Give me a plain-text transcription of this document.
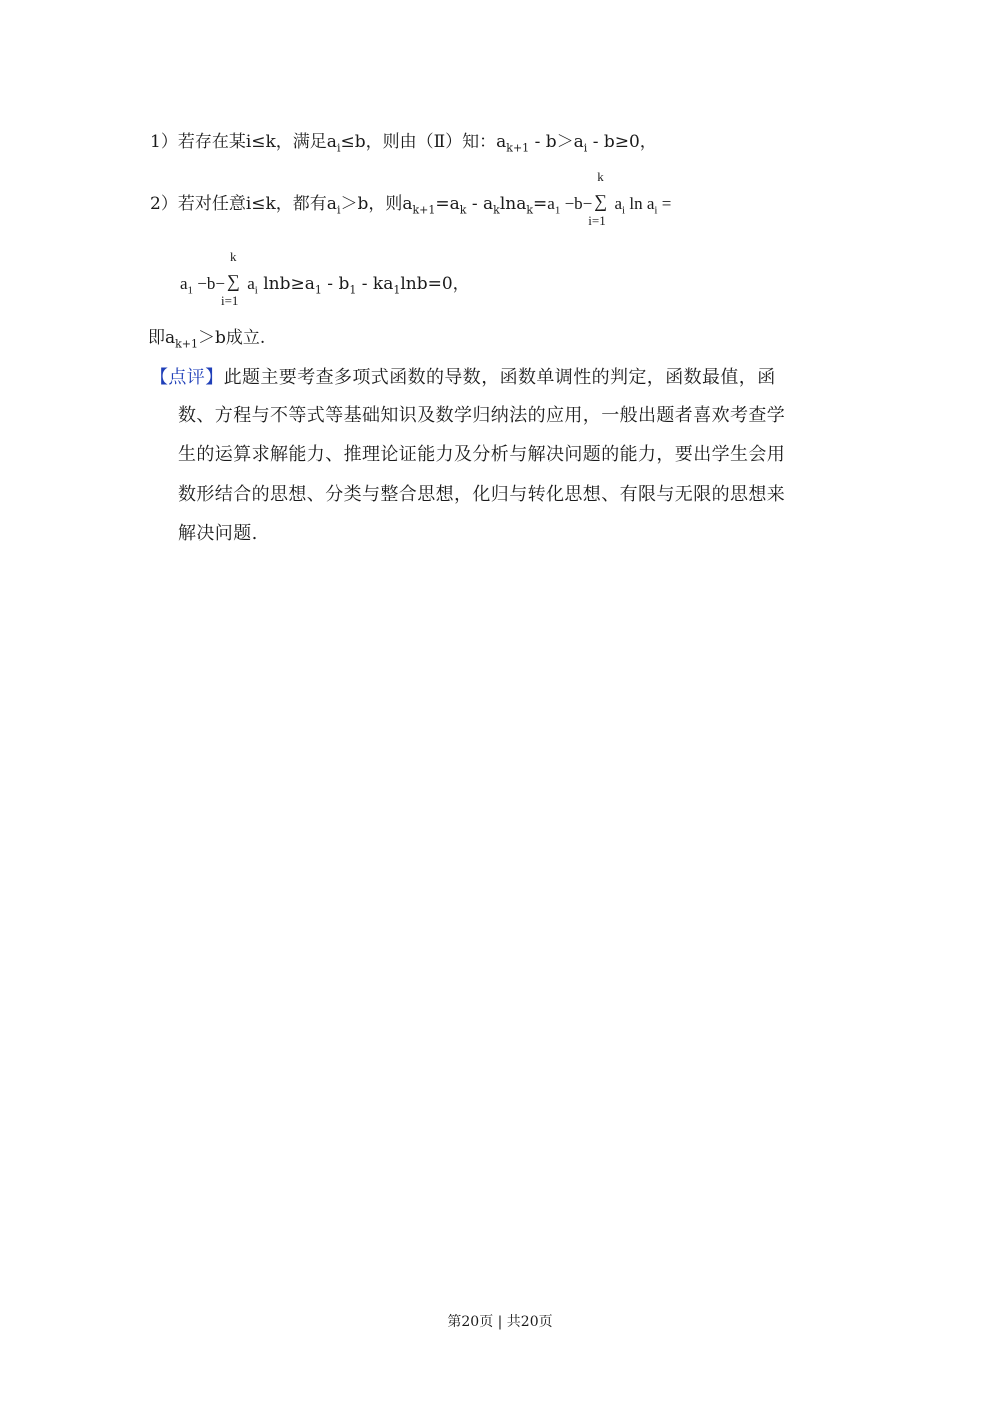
1）若存在某i≤k，满足$a_i\le b$，则由（Ⅱ）知：$a_{k+1} - b>a_i - b\ge 0$，
2）若对任意i≤k，都有$a_i>b$，则$a_{k+1}=a_k - a_k\ln a_k=a_1 -b-$
k
∑
i=1
$a_i$ $\ln a_i$ =
$a_1 -b-$
k
∑
i=1
$a_i$ $\ln b\ge a_1 - b_1 - ka_1\ln b=0$，
即$a_{k+1}>b$成立.
【点评】此题主要考查多项式函数的导数，函数单调性的判定，函数最值，函
数、方程与不等式等基础知识及数学归纳法的应用，一般出题者喜欢考查学
生的运算求解能力、推理论证能力及分析与解决问题的能力，要出学生会用
数形结合的思想、分类与整合思想，化归与转化思想、有限与无限的思想来
解决问题.
第20页 | 共20页
